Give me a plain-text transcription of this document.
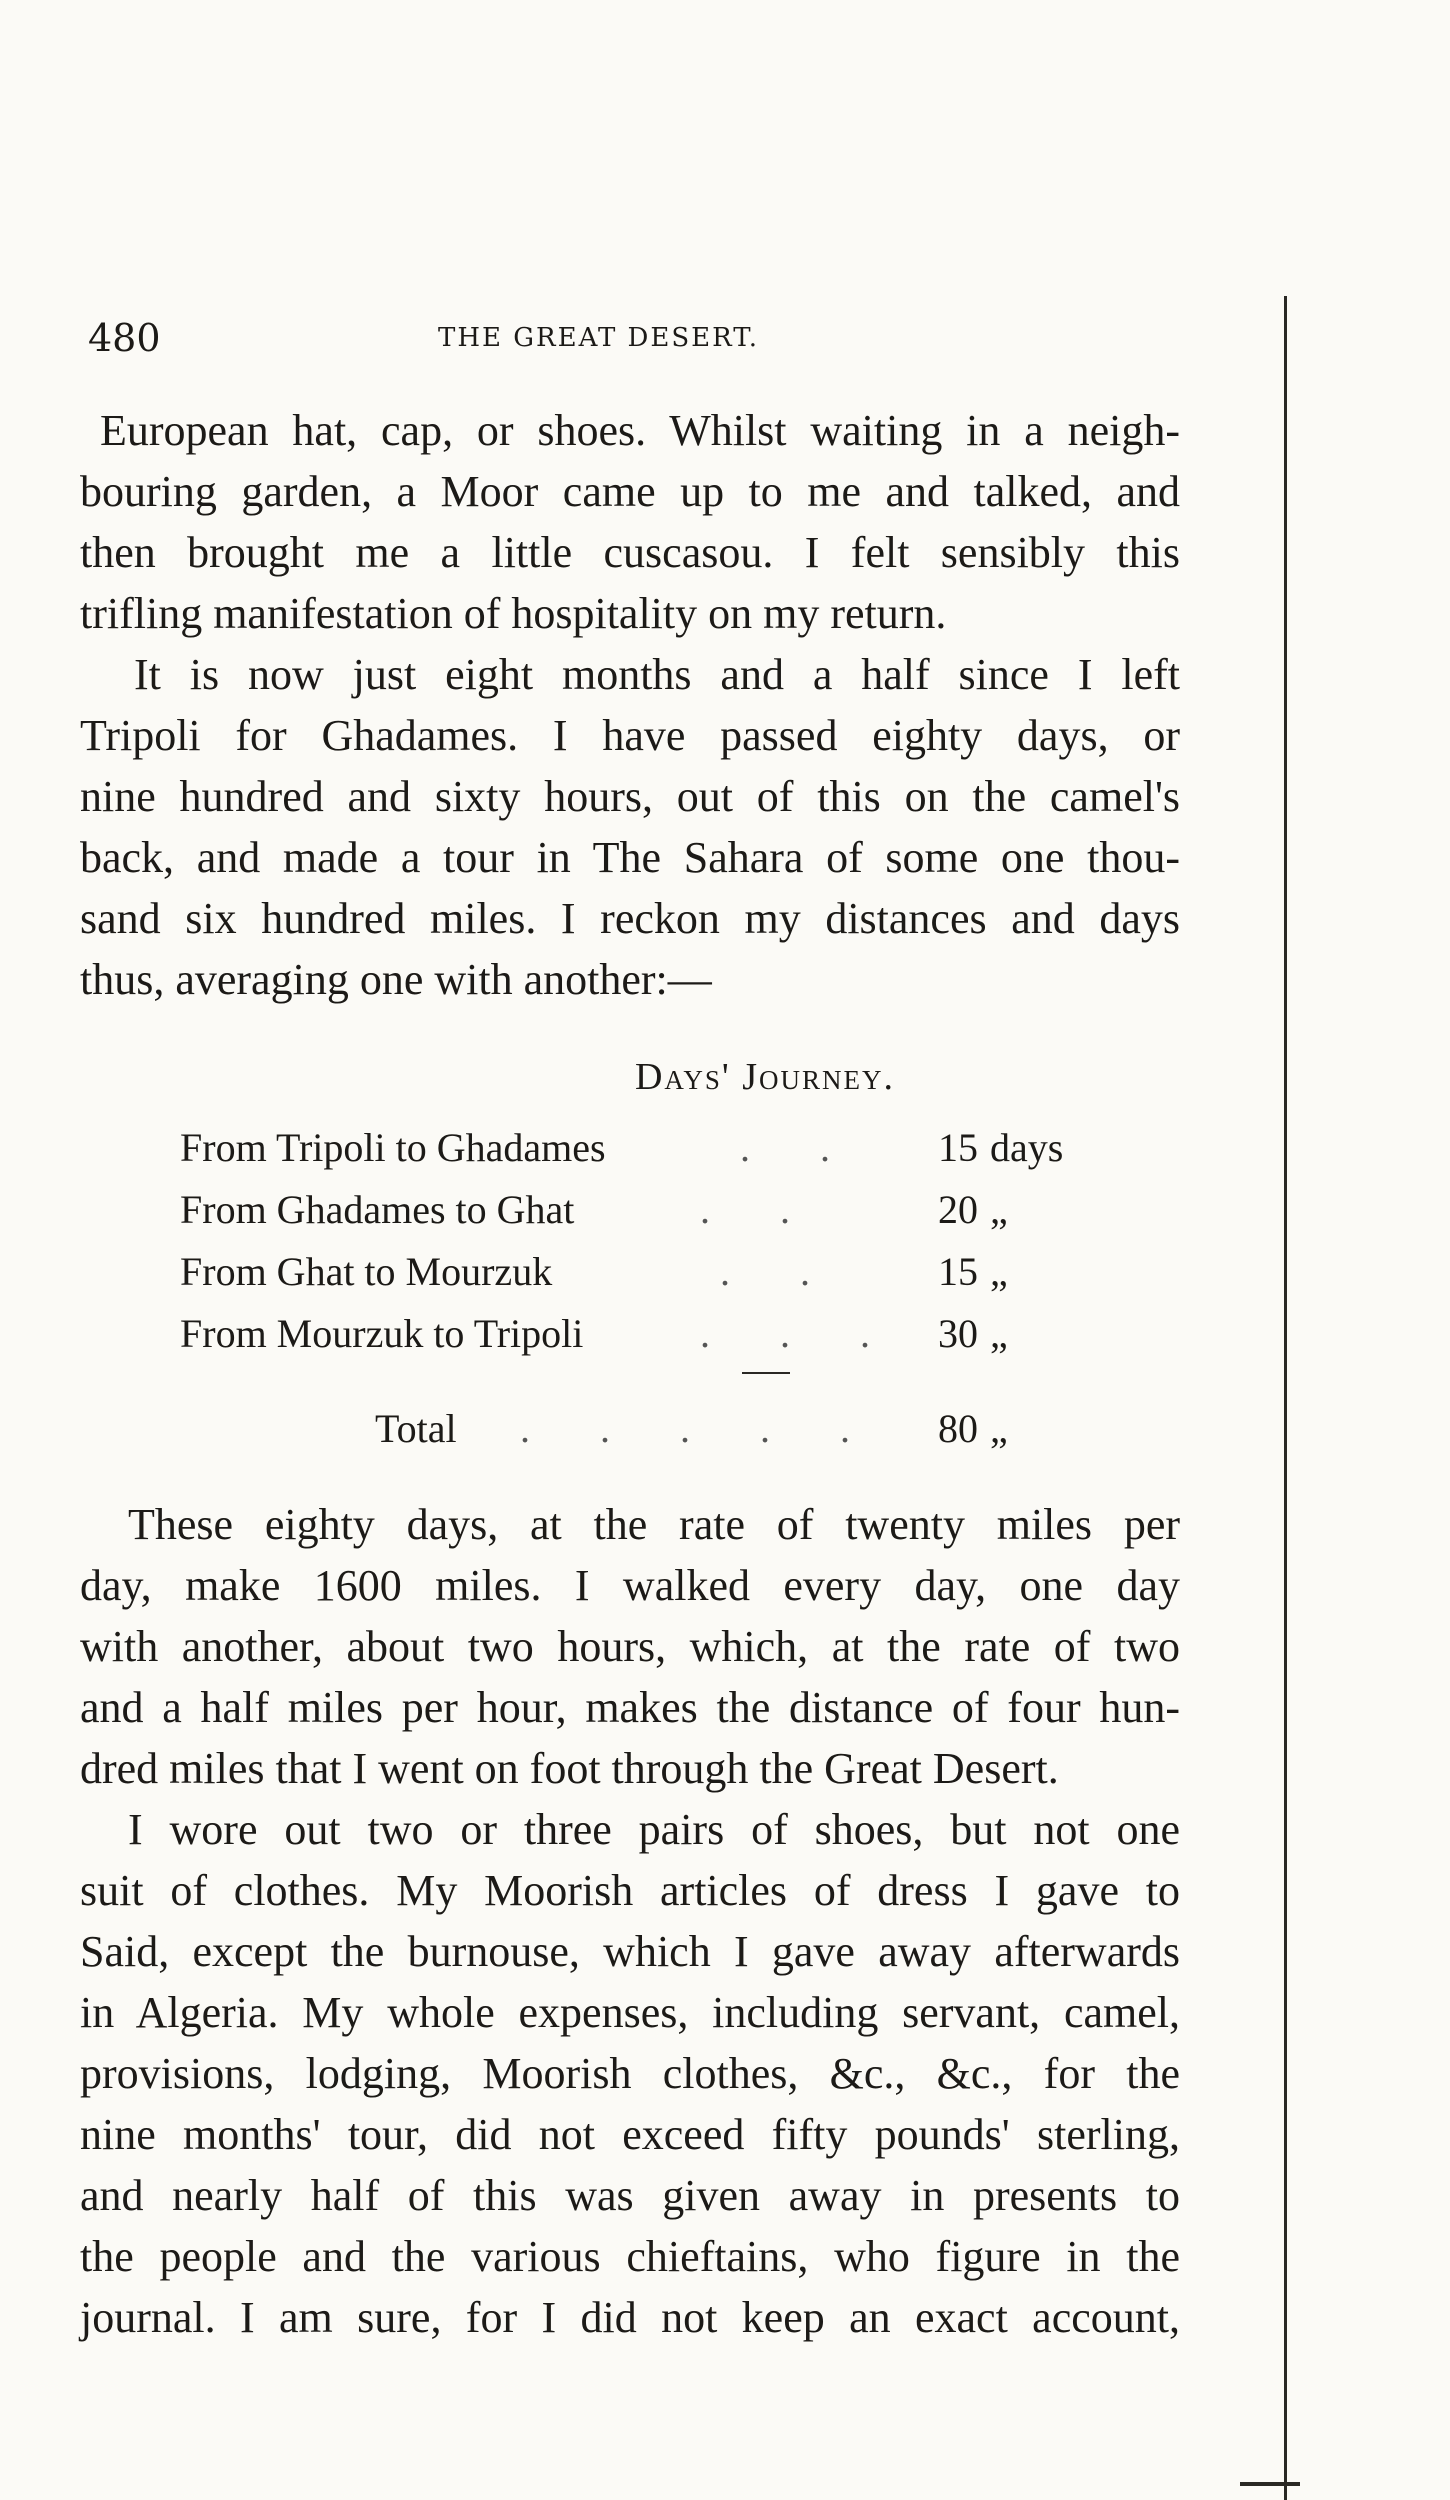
480	THE GREAT DESERT.
European hat, cap, or shoes. Whilst waiting in a neigh-
bouring garden, a Moor came up to me and talked, and
then brought me a little cuscasou. I felt sensibly this
trifling manifestation of hospitality on my return.
It is now just eight months and a half since I left
Tripoli for Ghadames. I have passed eighty days, or
nine hundred and sixty hours, out of this on the camel's
back, and made a tour in The Sahara of some one thou-
sand six hundred miles. I reckon my distances and days
thus, averaging one with another:—
Days' Journey.
From Tripoli to Ghadames	. .	15 days
From Ghadames to Ghat	. .	20 „
From Ghat to Mourzuk	. .	15 „
From Mourzuk to Tripoli	. . . 30 „
Total . . . . .	80 „
These eighty days, at the rate of twenty miles per
day, make 1600 miles. I walked every day, one day
with another, about two hours, which, at the rate of two
and a half miles per hour, makes the distance of four hun-
dred miles that I went on foot through the Great Desert.
I wore out two or three pairs of shoes, but not one
suit of clothes. My Moorish articles of dress I gave to
Said, except the burnouse, which I gave away afterwards
in Algeria. My whole expenses, including servant, camel,
provisions, lodging, Moorish clothes, &c., &c., for the
nine months' tour, did not exceed fifty pounds' sterling,
and nearly half of this was given away in presents to
the people and the various chieftains, who figure in the
journal. I am sure, for I did not keep an exact account,
